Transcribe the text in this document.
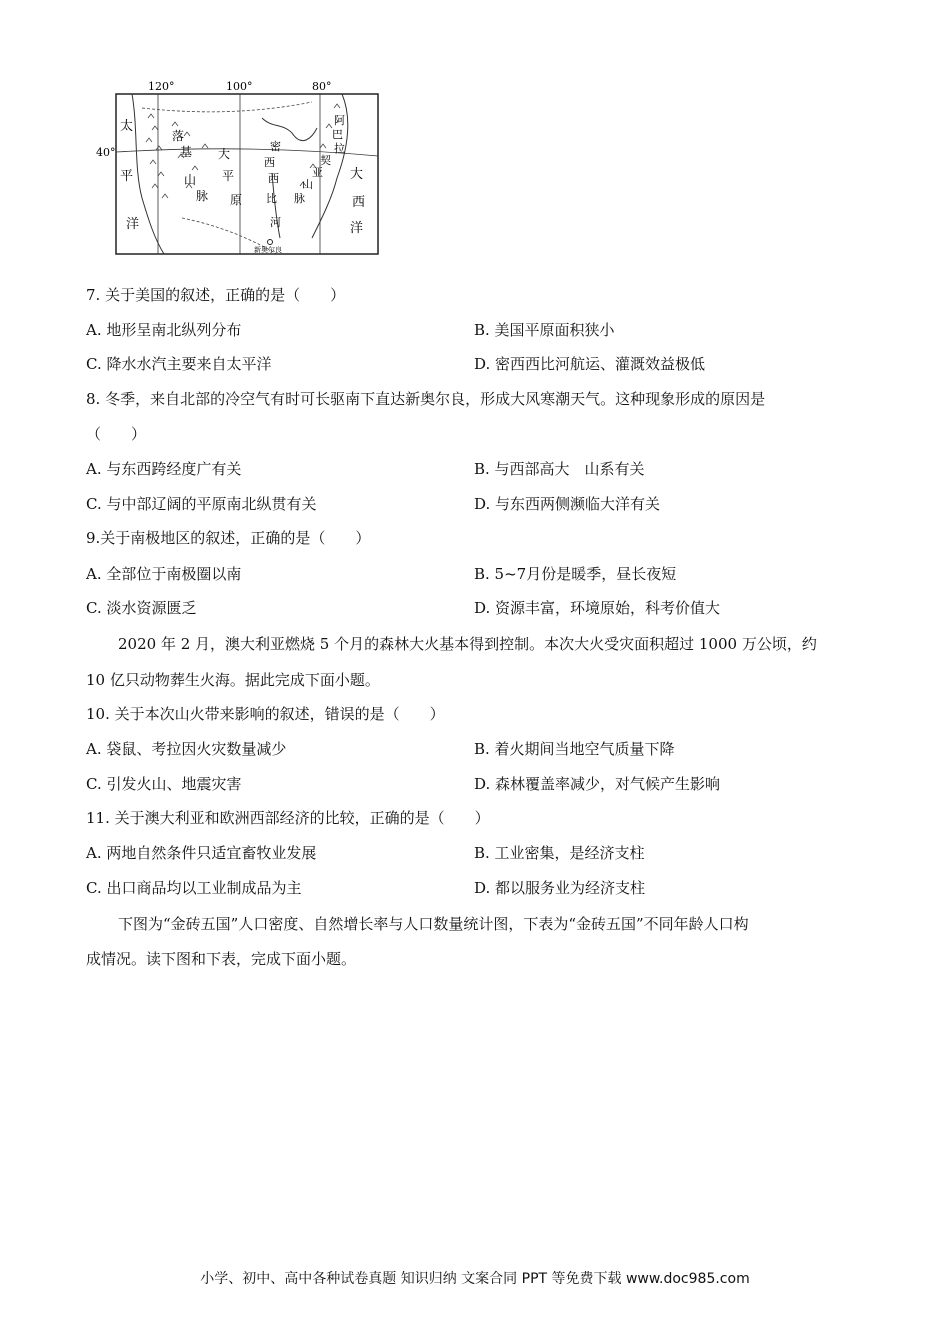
120°	100°	80°
40°
太
平
洋
大
西
洋
落
基
山
脉
大
平
原
密
西
西
比
河
阿
巴
拉
契
亚
山
脉
新奥尔良
7. 关于美国的叙述，正确的是（　　）
A. 地形呈南北纵列分布	B. 美国平原面积狭小
C. 降水水汽主要来自太平洋	D. 密西西比河航运、灌溉效益极低
8. 冬季，来自北部的冷空气有时可长驱南下直达新奥尔良，形成大风寒潮天气。这种现象形成的原因是
（　　）
A. 与东西跨经度广有关	B. 与西部高大　山系有关
C. 与中部辽阔的平原南北纵贯有关	D. 与东西两侧濒临大洋有关
9.关于南极地区的叙述，正确的是（　　）
A. 全部位于南极圈以南	B. 5~7月份是暖季，昼长夜短
C. 淡水资源匮乏	D. 资源丰富，环境原始，科考价值大
2020 年 2 月，澳大利亚燃烧 5 个月的森林大火基本得到控制。本次大火受灾面积超过 1000 万公顷，约
10 亿只动物葬生火海。据此完成下面小题。
10. 关于本次山火带来影响的叙述，错误的是（　　）
A. 袋鼠、考拉因火灾数量减少	B. 着火期间当地空气质量下降
C. 引发火山、地震灾害	D. 森林覆盖率减少，对气候产生影响
11. 关于澳大利亚和欧洲西部经济的比较，正确的是（　　）
A. 两地自然条件只适宜畜牧业发展	B. 工业密集，是经济支柱
C. 出口商品均以工业制成品为主	D. 都以服务业为经济支柱
下图为“金砖五国”人口密度、自然增长率与人口数量统计图，下表为“金砖五国”不同年龄人口构
成情况。读下图和下表，完成下面小题。
小学、初中、高中各种试卷真题 知识归纳 文案合同 PPT 等免费下载 www.doc985.com
